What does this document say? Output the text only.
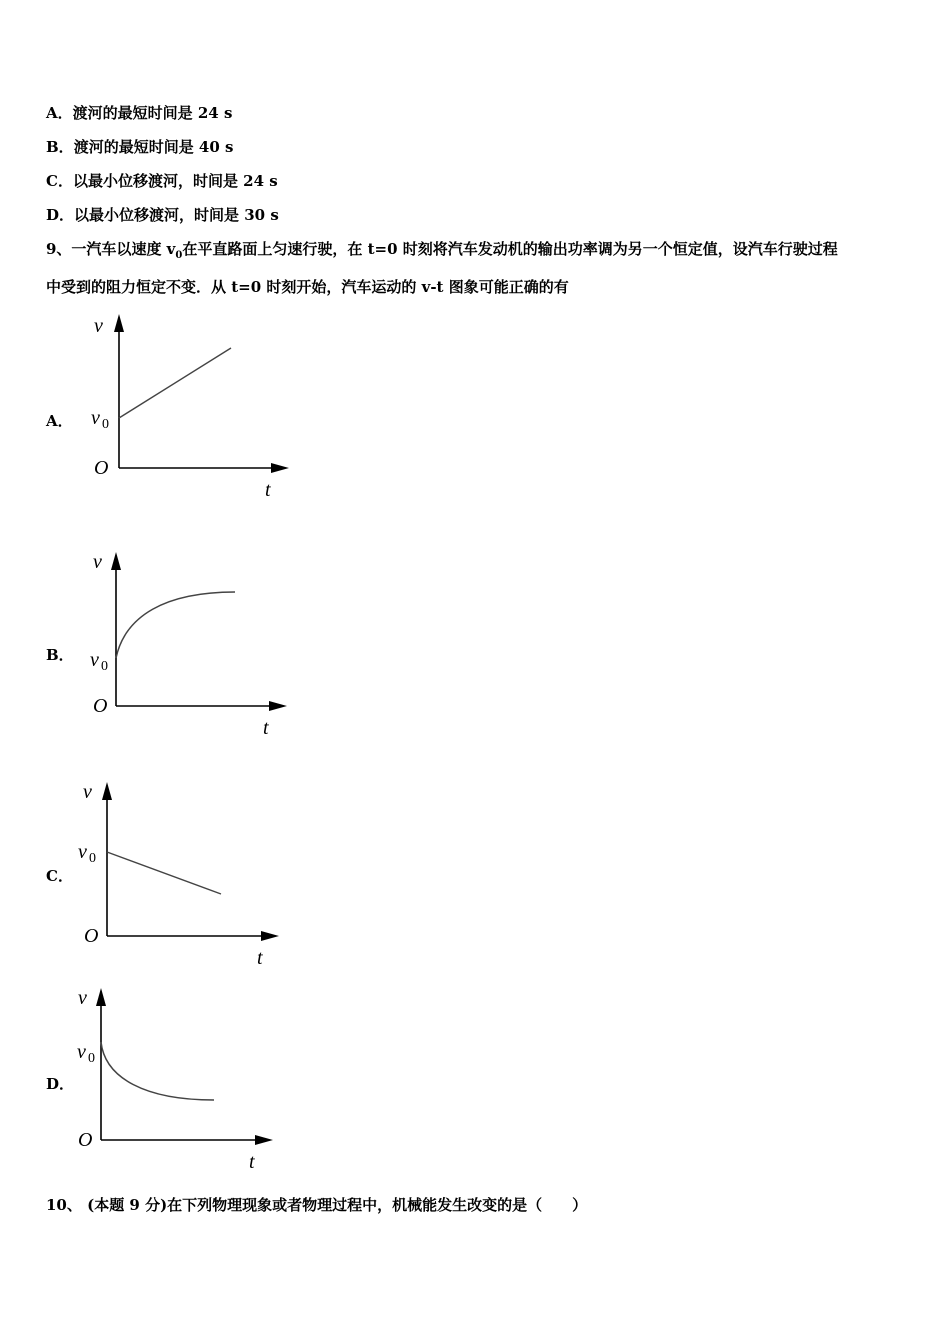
A．渡河的最短时间是 24 s
B．渡河的最短时间是 40 s
C．以最小位移渡河，时间是 24 s
D．以最小位移渡河，时间是 30 s
9、一汽车以速度 $v_0$在平直路面上匀速行驶，在 t=0 时刻将汽车发动机的输出功率调为另一个恒定值，设汽车行驶过程
中受到的阻力恒定不变．从 t=0 时刻开始，汽车运动的 v-t 图象可能正确的有
A．
v
t
O
v 0
B．
v
t
O
v 0
C．
v
t
O
v 0
D．
v
t
O
v 0
10、 (本题 9 分)在下列物理现象或者物理过程中，机械能发生改变的是（　　）
